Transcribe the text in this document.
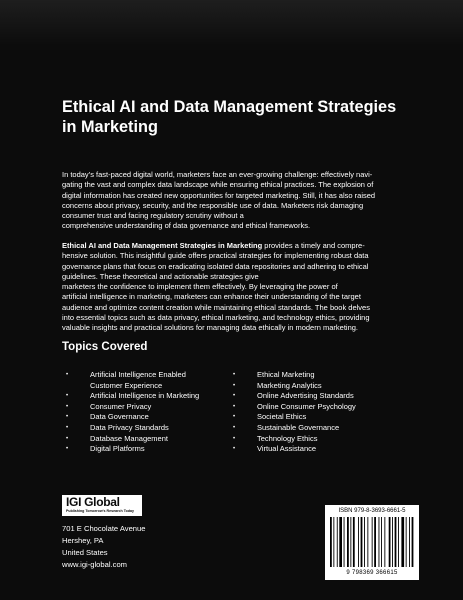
Ethical AI and Data Management Strategies
in Marketing

In today’s fast-paced digital world, marketers face an ever-growing challenge: effectively navi-
gating the vast and complex data landscape while ensuring ethical practices. The explosion of
digital information has created new opportunities for targeted marketing. Still, it has also raised
concerns about privacy, security, and the responsible use of data. Marketers risk damaging
consumer trust and facing regulatory scrutiny without a
comprehensive understanding of data governance and ethical frameworks.

Ethical AI and Data Management Strategies in Marketing provides a timely and compre-
hensive solution. This insightful guide offers practical strategies for implementing robust data
governance plans that focus on eradicating isolated data repositories and adhering to ethical
guidelines. These theoretical and actionable strategies give
marketers the confidence to implement them effectively. By leveraging the power of
artificial intelligence in marketing, marketers can enhance their understanding of the target
audience and optimize content creation while maintaining ethical standards. The book delves
into essential topics such as data privacy, ethical marketing, and technology ethics, providing
valuable insights and practical solutions for managing data ethically in modern marketing.

Topics Covered
•	Artificial Intelligence Enabled
Customer Experience
•	Artificial Intelligence in Marketing
•	Consumer Privacy
•	Data Governance
•	Data Privacy Standards
•	Database Management
•	Digital Platforms
•	Ethical Marketing
•	Marketing Analytics
•	Online Advertising Standards
•	Online Consumer Psychology
•	Societal Ethics
•	Sustainable Governance
•	Technology Ethics
•	Virtual Assistance
IGI Global
Publishing Tomorrow's Research Today

701 E Chocolate Avenue
Hershey, PA
United States
www.igi-global.com

ISBN 979-8-3693-6661-5
9 798369 366615
